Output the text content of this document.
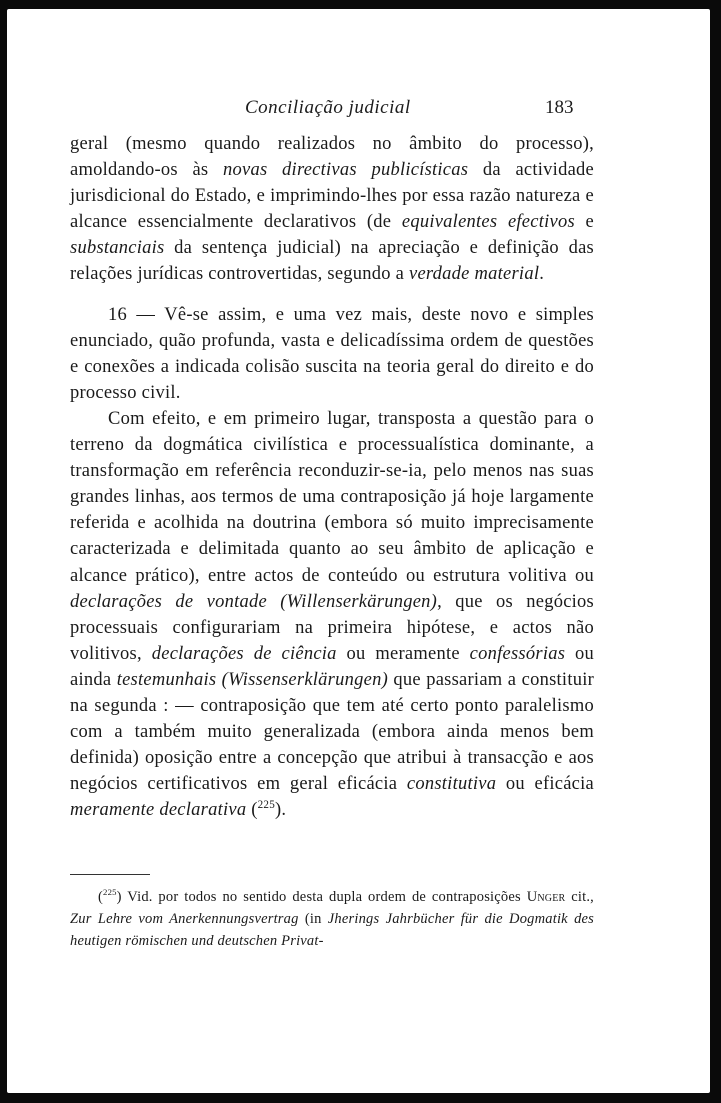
Conciliação judicial	183

geral (mesmo quando realizados no âmbito do processo), amoldando-os às novas directivas publicísticas da actividade jurisdicional do Estado, e imprimindo-lhes por essa razão natureza e alcance essencialmente declarativos (de equivalentes efectivos e substanciais da sentença judicial) na apreciação e definição das relações jurídicas controvertidas, segundo a verdade material.

16 — Vê-se assim, e uma vez mais, deste novo e simples enunciado, quão profunda, vasta e delicadíssima ordem de questões e conexões a indicada colisão suscita na teoria geral do direito e do processo civil.

Com efeito, e em primeiro lugar, transposta a questão para o terreno da dogmática civilística e processualística dominante, a transformação em referência reconduzir-se-ia, pelo menos nas suas grandes linhas, aos termos de uma contraposição já hoje largamente referida e acolhida na doutrina (embora só muito imprecisamente caracterizada e delimitada quanto ao seu âmbito de aplicação e alcance prático), entre actos de conteúdo ou estrutura volitiva ou declarações de vontade (Willenserkärungen), que os negócios processuais configurariam na primeira hipótese, e actos não volitivos, declarações de ciência ou meramente confessórias ou ainda testemunhais (Wissenserklärungen) que passariam a constituir na segunda : — contraposição que tem até certo ponto paralelismo com a também muito generalizada (embora ainda menos bem definida) oposição entre a concepção que atribui à transacção e aos negócios certificativos em geral eficácia constitutiva ou eficácia meramente declarativa ($^{225}$).

($^{225}$) Vid. por todos no sentido desta dupla ordem de contraposições Unger cit., Zur Lehre vom Anerkennungsvertrag (in Jherings Jahrbücher für die Dogmatik des heutigen römischen und deutschen Privat-
